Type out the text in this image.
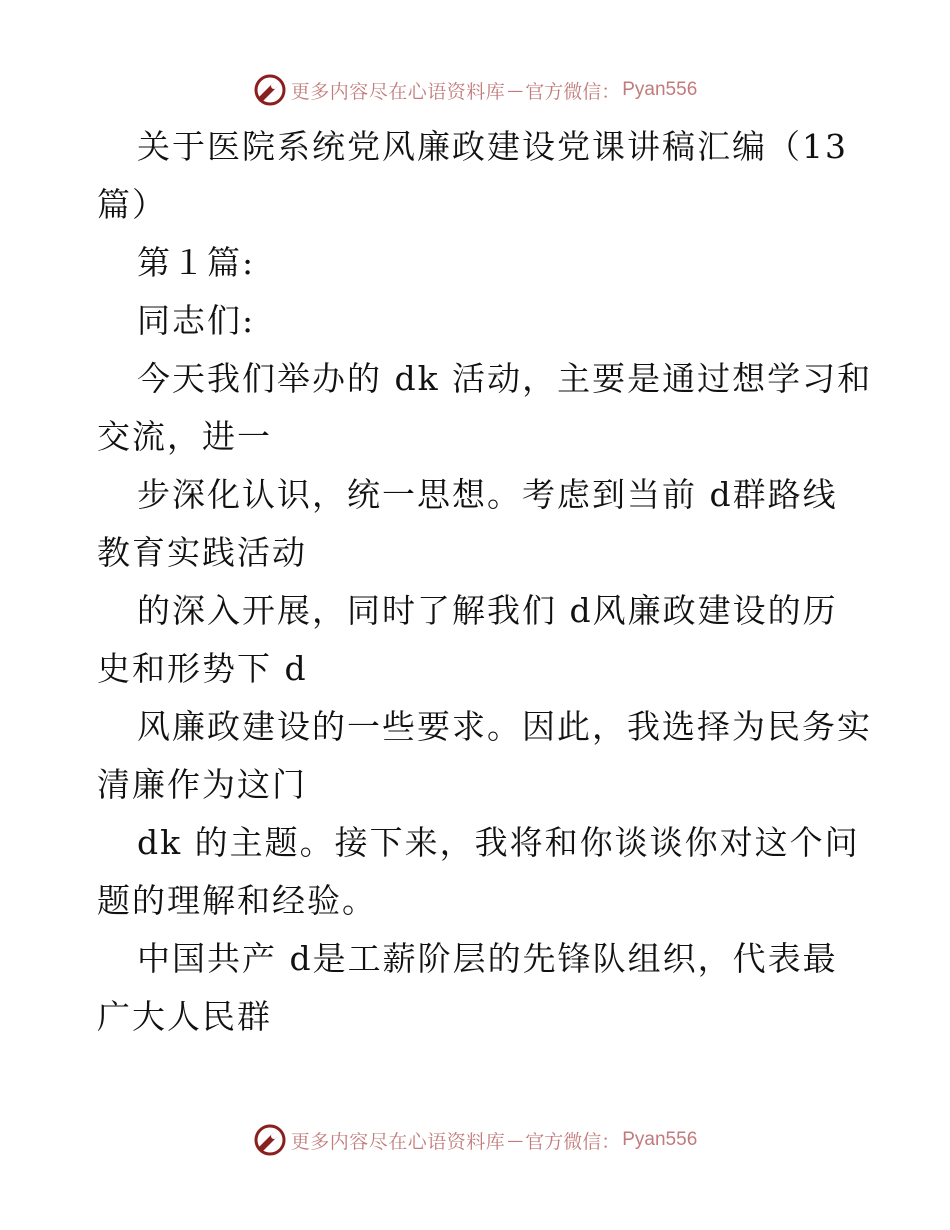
更多内容尽在心语资料库 — 官方微信： Pyan556
关于医院系统党风廉政建设党课讲稿汇编（13
篇）
第１篇:
同志们:
今天我们举办的 dk 活动，主要是通过想学习和
交流，进一
步深化认识，统一思想。考虑到当前 d群路线
教育实践活动
的深入开展，同时了解我们 d风廉政建设的历
史和形势下 d
风廉政建设的一些要求。因此，我选择为民务实
清廉作为这门
dk 的主题。接下来，我将和你谈谈你对这个问
题的理解和经验。
中国共产 d是工薪阶层的先锋队组织，代表最
广大人民群
更多内容尽在心语资料库 — 官方微信： Pyan556
